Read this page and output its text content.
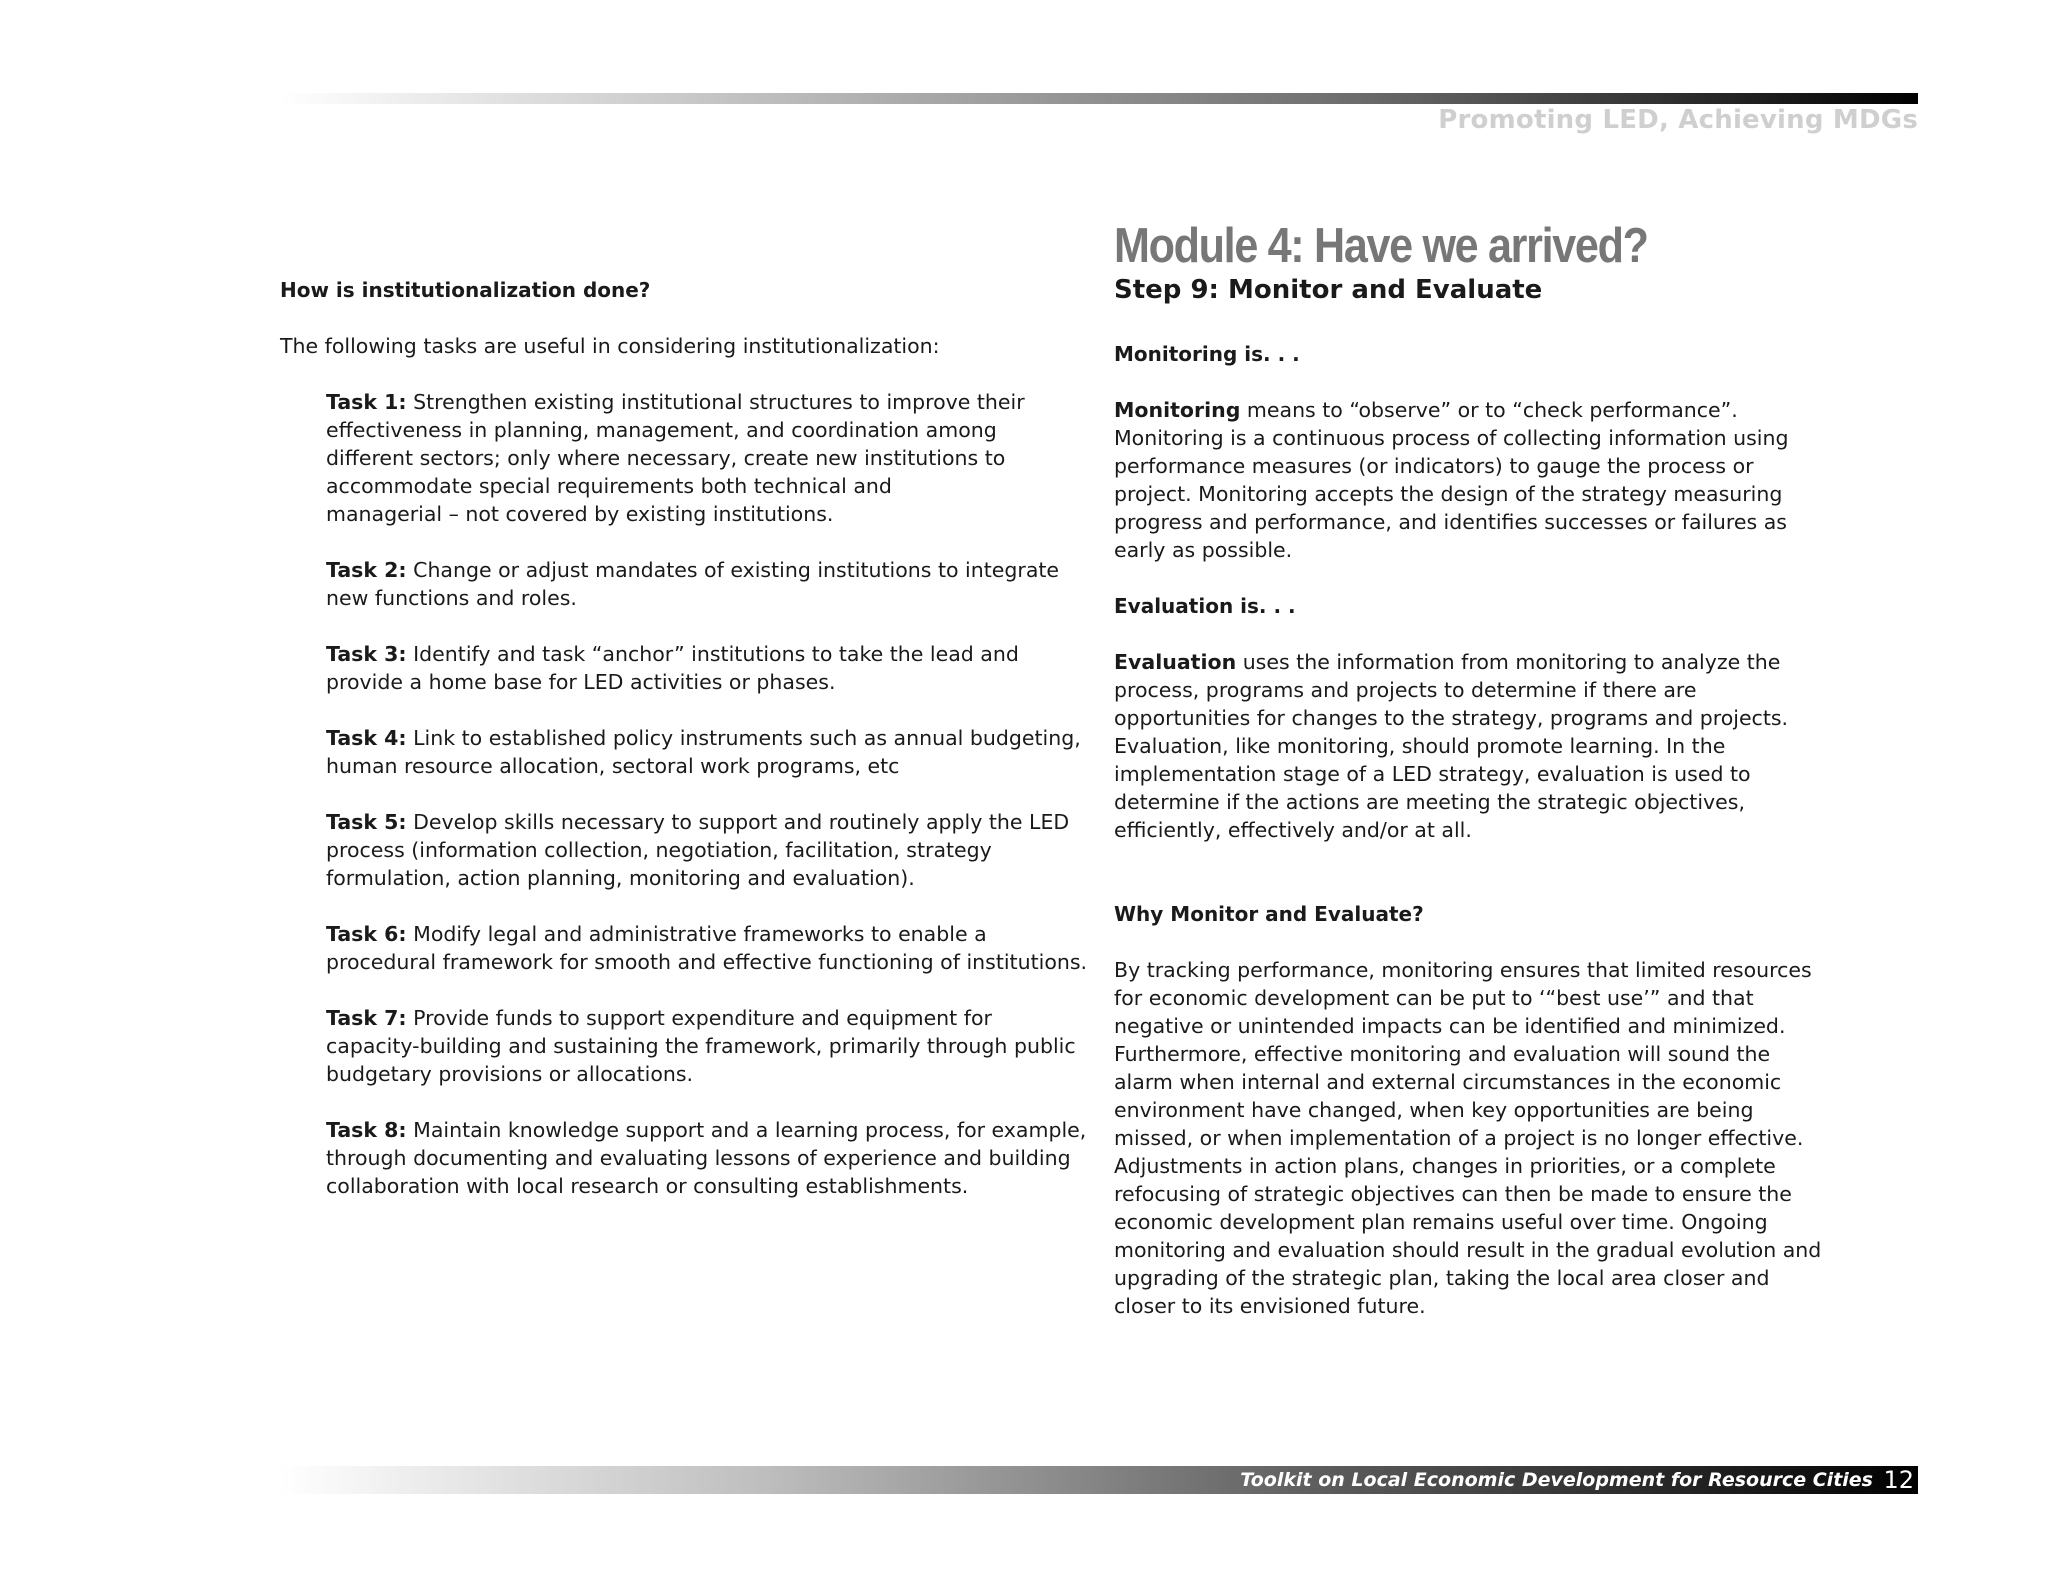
Promoting LED, Achieving MDGs

How is institutionalization done?

The following tasks are useful in considering institutionalization:

Task 1: Strengthen existing institutional structures to improve their effectiveness in planning, management, and coordination among different sectors; only where necessary, create new institutions to accommodate special requirements both technical and
managerial – not covered by existing institutions.

Task 2: Change or adjust mandates of existing institutions to integrate new functions and roles.

Task 3: Identify and task “anchor” institutions to take the lead and provide a home base for LED activities or phases.

Task 4: Link to established policy instruments such as annual budgeting, human resource allocation, sectoral work programs, etc

Task 5: Develop skills necessary to support and routinely apply the LED process (information collection, negotiation, facilitation, strategy formulation, action planning, monitoring and evaluation).

Task 6: Modify legal and administrative frameworks to enable a procedural framework for smooth and effective functioning of institutions.

Task 7: Provide funds to support expenditure and equipment for capacity-building and sustaining the framework, primarily through public budgetary provisions or allocations.

Task 8: Maintain knowledge support and a learning process, for example, through documenting and evaluating lessons of experience and building collaboration with local research or consulting establishments.

Module 4: Have we arrived?
Step 9: Monitor and Evaluate

Monitoring is. . .

Monitoring means to “observe” or to “check performance”. Monitoring is a continuous process of collecting information using performance measures (or indicators) to gauge the process or project. Monitoring accepts the design of the strategy measuring progress and performance, and identifies successes or failures as early as possible.

Evaluation is. . .

Evaluation uses the information from monitoring to analyze the process, programs and projects to determine if there are opportunities for changes to the strategy, programs and projects. Evaluation, like monitoring, should promote learning. In the implementation stage of a LED strategy, evaluation is used to determine if the actions are meeting the strategic objectives, efficiently, effectively and/or at all.

Why Monitor and Evaluate?

By tracking performance, monitoring ensures that limited resources for economic development can be put to ‘“best use’” and that negative or unintended impacts can be identified and minimized. Furthermore, effective monitoring and evaluation will sound the alarm when internal and external circumstances in the economic environment have changed, when key opportunities are being missed, or when implementation of a project is no longer effective. Adjustments in action plans, changes in priorities, or a complete refocusing of strategic objectives can then be made to ensure the economic development plan remains useful over time. Ongoing monitoring and evaluation should result in the gradual evolution and upgrading of the strategic plan, taking the local area closer and closer to its envisioned future.

Toolkit on Local Economic Development for Resource Cities 12
